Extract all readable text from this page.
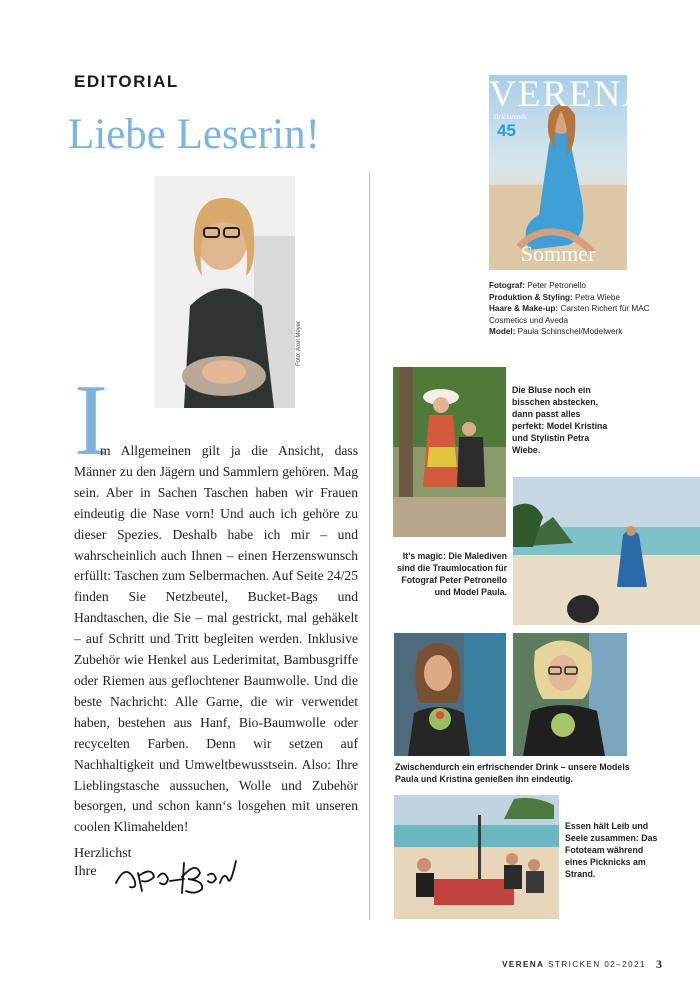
EDITORIAL
Liebe Leserin!
Foto: Axel Meyer
I
m Allgemeinen gilt ja die Ansicht, dass Männer zu den Jägern und Sammlern gehören. Mag sein. Aber in Sachen Taschen haben wir Frauen eindeutig die Nase vorn! Und auch ich gehöre zu dieser Spezies. Deshalb habe ich mir – und wahrscheinlich auch Ihnen – einen Herzenswunsch erfüllt: Taschen zum Selbermachen. Auf Seite 24/25 finden Sie Netzbeutel, Bucket-Bags und Handtaschen, die Sie – mal gestrickt, mal gehäkelt – auf Schritt und Tritt begleiten werden. Inklusive Zubehör wie Henkel aus Lederimitat, Bambusgriffe oder Riemen aus geflochtener Baumwolle. Und die beste Nachricht: Alle Garne, die wir verwendet haben, bestehen aus Hanf, Bio-Baumwolle oder recycelten Farben. Denn wir setzen auf Nachhaltigkeit und Umweltbewusstsein. Also: Ihre Lieblingstasche aussuchen, Wolle und Zubehör besorgen, und schon kann‘s losgehen mit unseren coolen Klimahelden!
Herzlichst
Ihre
VERENA
Stricktrends
45
Sommer
Fotograf: Peter Petronello
Produktion & Styling: Petra Wiebe
Haare & Make-up: Carsten Richert für MAC Cosmetics und Aveda
Model: Paula Schinschel/Modelwerk
Die Bluse noch ein bisschen abstecken, dann passt alles perfekt: Model Kristina und Stylistin Petra Wiebe.
It’s magic: Die Malediven sind die Traumlocation für Fotograf Peter Petronello und Model Paula.
Zwischendurch ein erfrischender Drink – unsere Models Paula und Kristina genießen ihn eindeutig.
Essen hält Leib und Seele zusammen: Das Fototeam während eines Picknicks am Strand.
VERENA STRICKEN 02–2021 3
